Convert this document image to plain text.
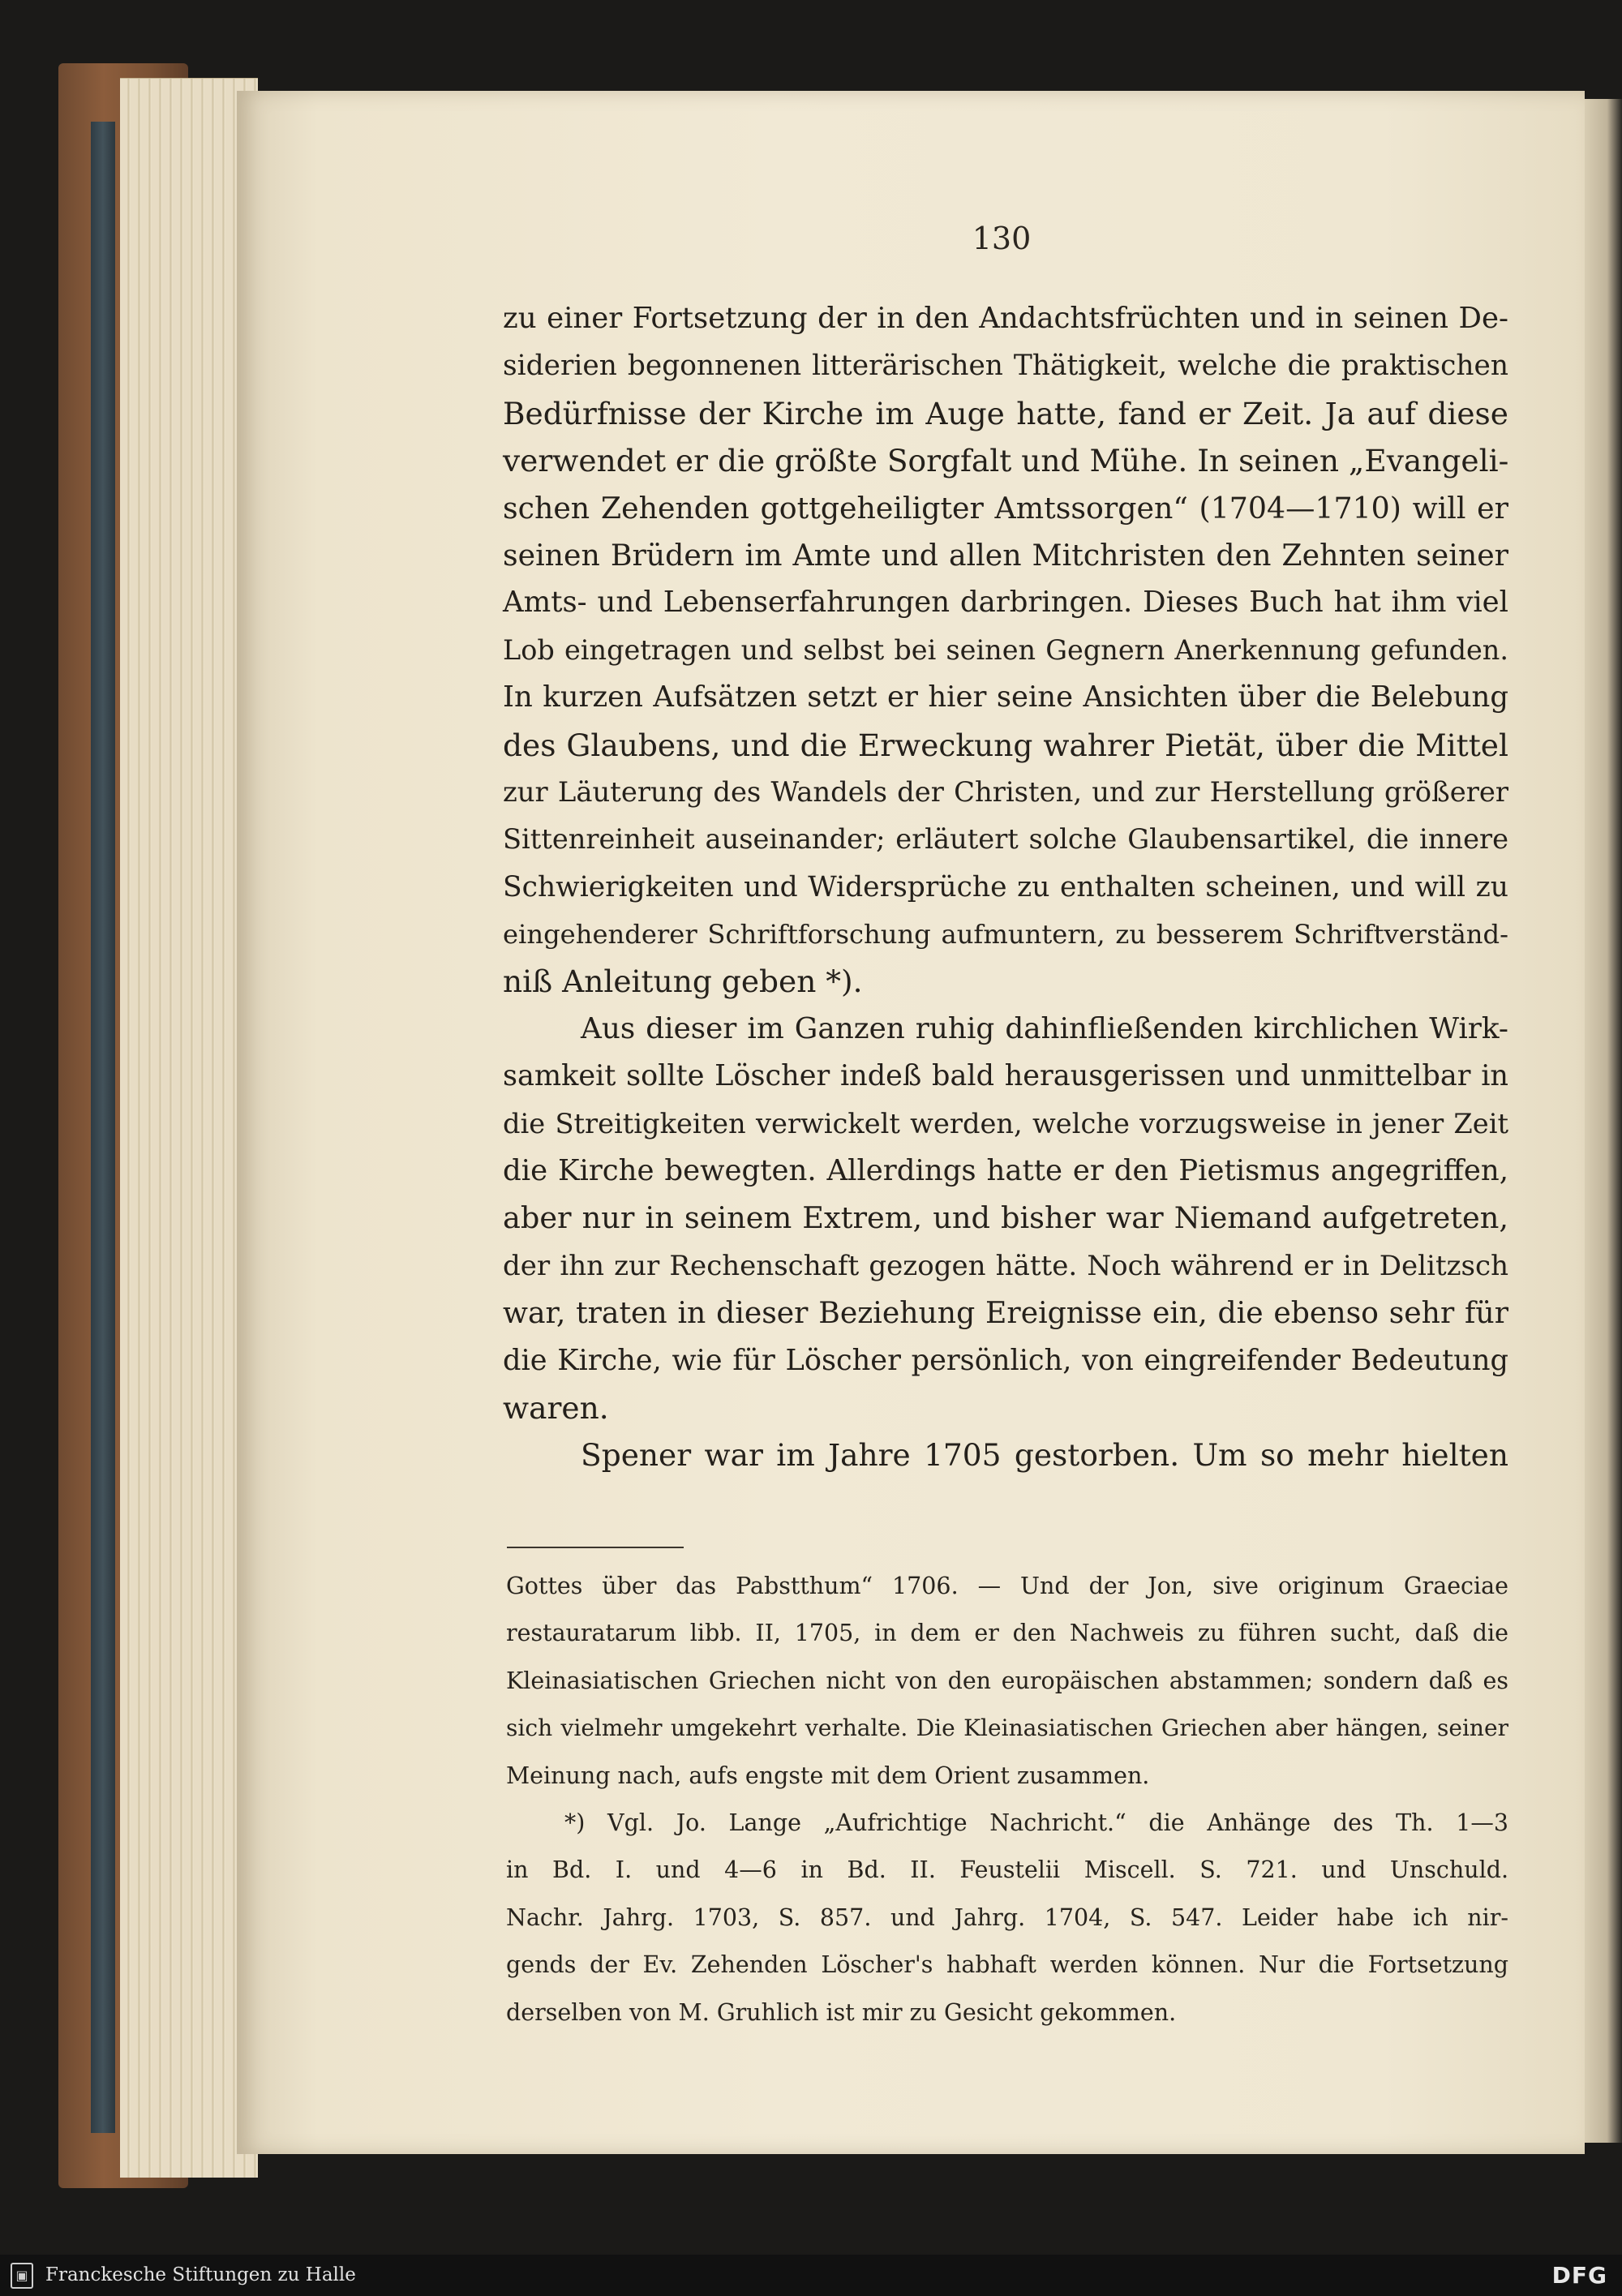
130
zu einer Fortsetzung der in den Andachtsfrüchten und in seinen De-
siderien begonnenen litterärischen Thätigkeit, welche die praktischen
Bedürfnisse der Kirche im Auge hatte, fand er Zeit. Ja auf diese
verwendet er die größte Sorgfalt und Mühe. In seinen „Evangeli-
schen Zehenden gottgeheiligter Amtssorgen“ (1704—1710) will er
seinen Brüdern im Amte und allen Mitchristen den Zehnten seiner
Amts- und Lebenserfahrungen darbringen. Dieses Buch hat ihm viel
Lob eingetragen und selbst bei seinen Gegnern Anerkennung gefunden.
In kurzen Aufsätzen setzt er hier seine Ansichten über die Belebung
des Glaubens, und die Erweckung wahrer Pietät, über die Mittel
zur Läuterung des Wandels der Christen, und zur Herstellung größerer
Sittenreinheit auseinander; erläutert solche Glaubensartikel, die innere
Schwierigkeiten und Widersprüche zu enthalten scheinen, und will zu
eingehenderer Schriftforschung aufmuntern, zu besserem Schriftverständ-
niß Anleitung geben *).
Aus dieser im Ganzen ruhig dahinfließenden kirchlichen Wirk-
samkeit sollte Löscher indeß bald herausgerissen und unmittelbar in
die Streitigkeiten verwickelt werden, welche vorzugsweise in jener Zeit
die Kirche bewegten. Allerdings hatte er den Pietismus angegriffen,
aber nur in seinem Extrem, und bisher war Niemand aufgetreten,
der ihn zur Rechenschaft gezogen hätte. Noch während er in Delitzsch
war, traten in dieser Beziehung Ereignisse ein, die ebenso sehr für
die Kirche, wie für Löscher persönlich, von eingreifender Bedeutung
waren.
Spener war im Jahre 1705 gestorben. Um so mehr hielten
Gottes über das Pabstthum“ 1706. — Und der Jon, sive originum Graeciae
restauratarum libb. II, 1705, in dem er den Nachweis zu führen sucht, daß die
Kleinasiatischen Griechen nicht von den europäischen abstammen; sondern daß es
sich vielmehr umgekehrt verhalte. Die Kleinasiatischen Griechen aber hängen, seiner
Meinung nach, aufs engste mit dem Orient zusammen.
*) Vgl. Jo. Lange „Aufrichtige Nachricht.“ die Anhänge des Th. 1—3
in Bd. I. und 4—6 in Bd. II. Feustelii Miscell. S. 721. und Unschuld.
Nachr. Jahrg. 1703, S. 857. und Jahrg. 1704, S. 547. Leider habe ich nir-
gends der Ev. Zehenden Löscher's habhaft werden können. Nur die Fortsetzung
derselben von M. Gruhlich ist mir zu Gesicht gekommen.
▣ Franckesche Stiftungen zu Halle	DFG
